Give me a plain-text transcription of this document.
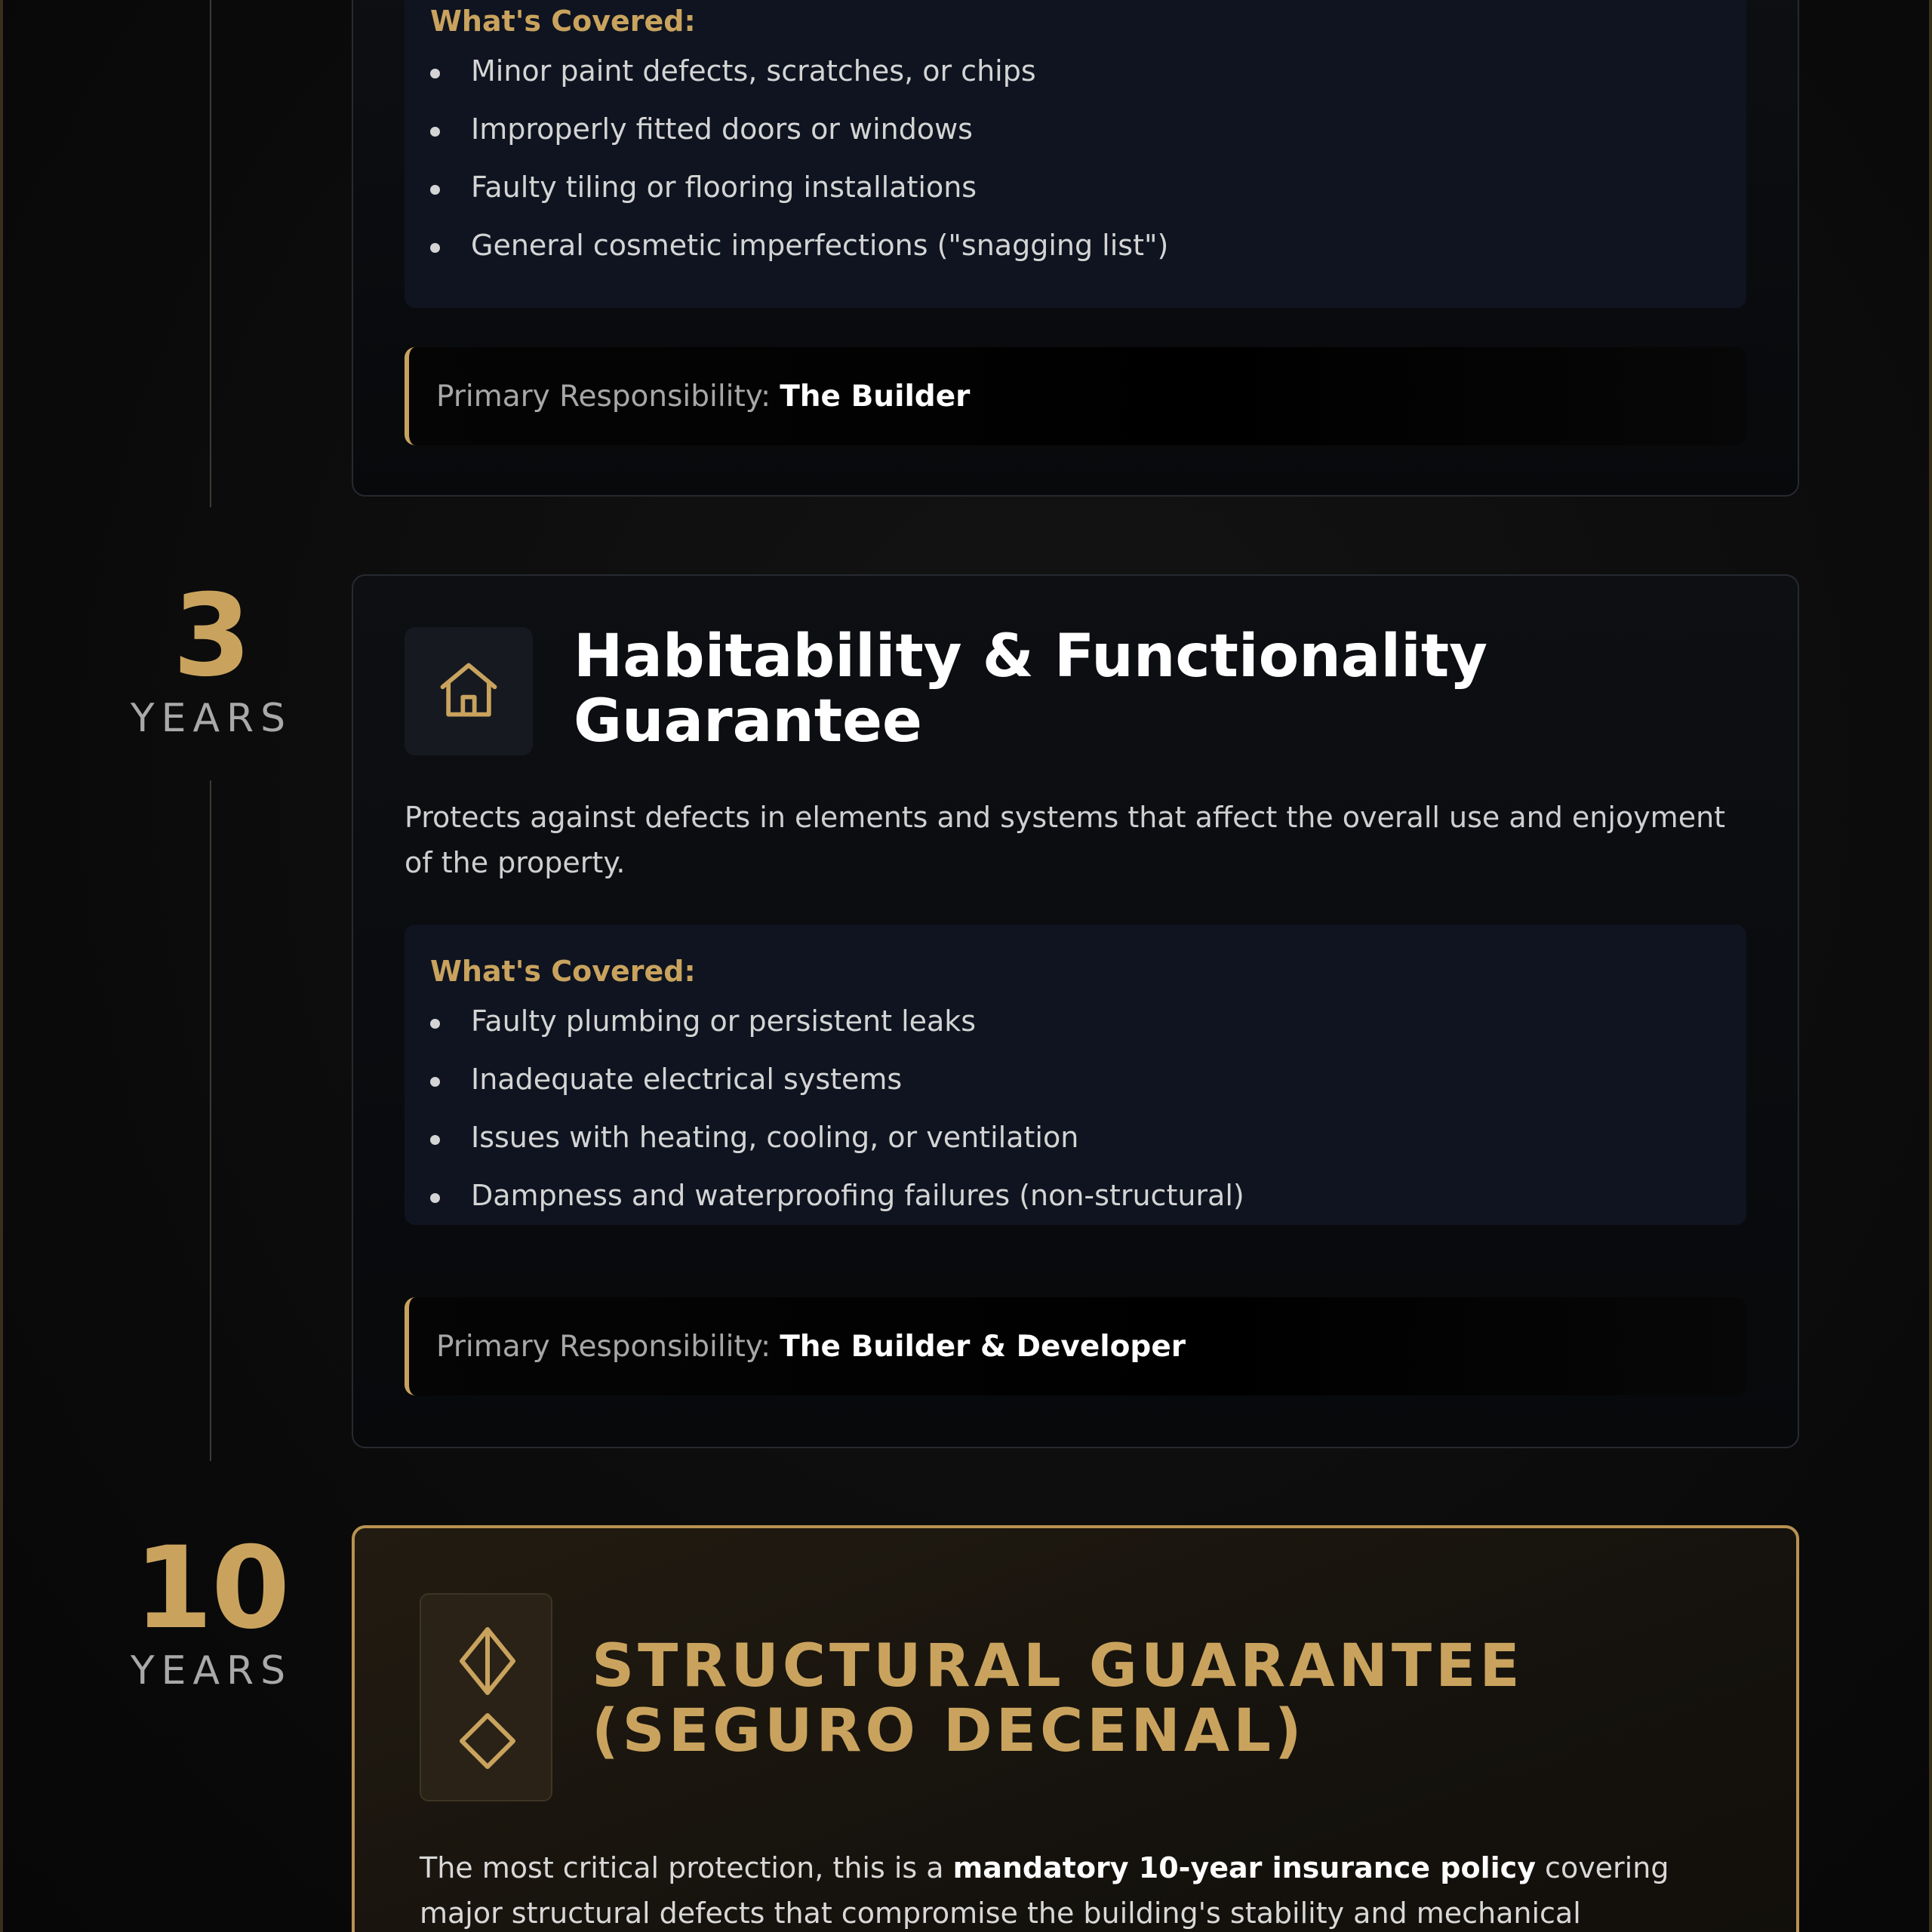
What's Covered:
Minor paint defects, scratches, or chips
Improperly fitted doors or windows
Faulty tiling or flooring installations
General cosmetic imperfections ("snagging list")
Primary Responsibility: The Builder
3
YEARS
Habitability & Functionality Guarantee
Protects against defects in elements and systems that affect the overall use and enjoyment of the property.
What's Covered:
Faulty plumbing or persistent leaks
Inadequate electrical systems
Issues with heating, cooling, or ventilation
Dampness and waterproofing failures (non-structural)
Primary Responsibility: The Builder & Developer
10
YEARS	STRUCTURAL GUARANTEE (SEGURO DECENAL)
The most critical protection, this is a mandatory 10-year insurance policy covering major structural defects that compromise the building's stability and mechanical
